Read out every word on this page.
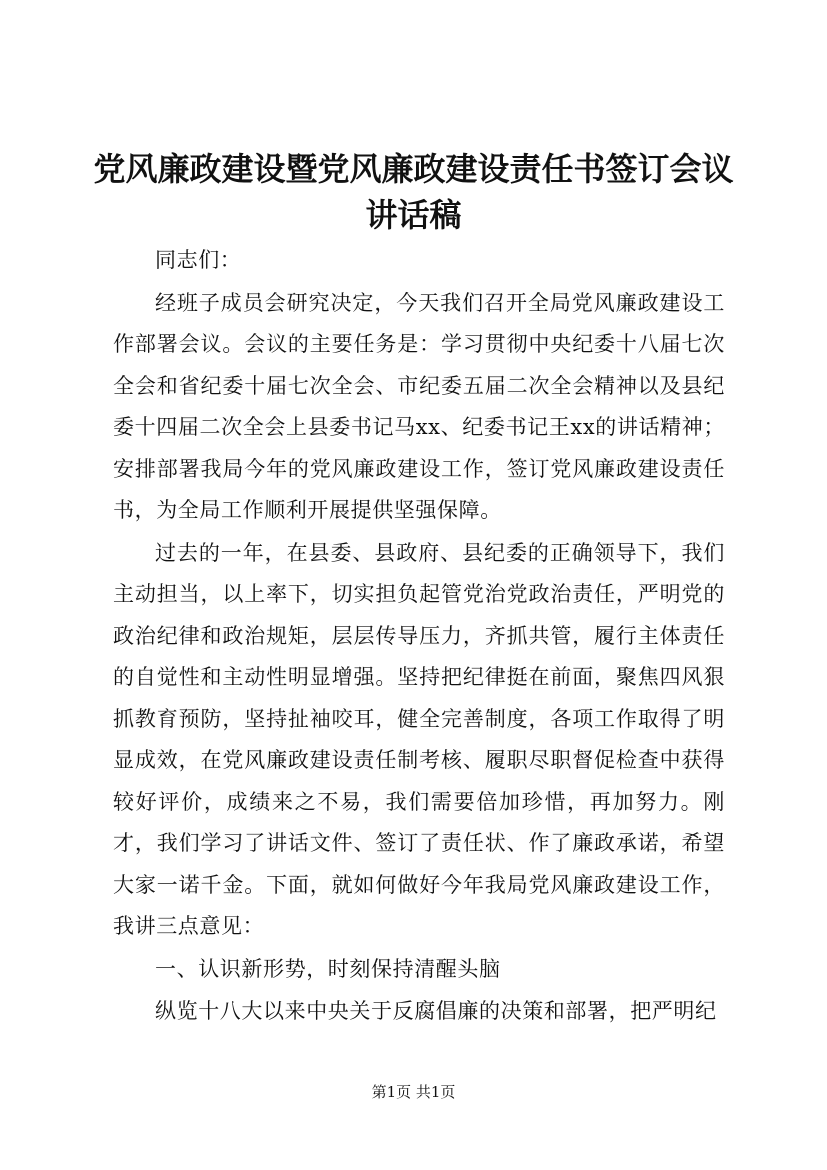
党风廉政建设暨党风廉政建设责任书签订会议
讲话稿

同志们：

经班子成员会研究决定，今天我们召开全局党风廉政建设工作部署会议。会议的主要任务是：学习贯彻中央纪委十八届七次全会和省纪委十届七次全会、市纪委五届二次全会精神以及县纪委十四届二次全会上县委书记马xx、纪委书记王xx的讲话精神；安排部署我局今年的党风廉政建设工作，签订党风廉政建设责任书，为全局工作顺利开展提供坚强保障。

过去的一年，在县委、县政府、县纪委的正确领导下，我们主动担当，以上率下，切实担负起管党治党政治责任，严明党的政治纪律和政治规矩，层层传导压力，齐抓共管，履行主体责任的自觉性和主动性明显增强。坚持把纪律挺在前面，聚焦四风狠抓教育预防，坚持扯袖咬耳，健全完善制度，各项工作取得了明显成效，在党风廉政建设责任制考核、履职尽职督促检查中获得较好评价，成绩来之不易，我们需要倍加珍惜，再加努力。刚才，我们学习了讲话文件、签订了责任状、作了廉政承诺，希望大家一诺千金。下面，就如何做好今年我局党风廉政建设工作，我讲三点意见：

一、认识新形势，时刻保持清醒头脑

纵览十八大以来中央关于反腐倡廉的决策和部署，把严明纪

第1页 共1页
